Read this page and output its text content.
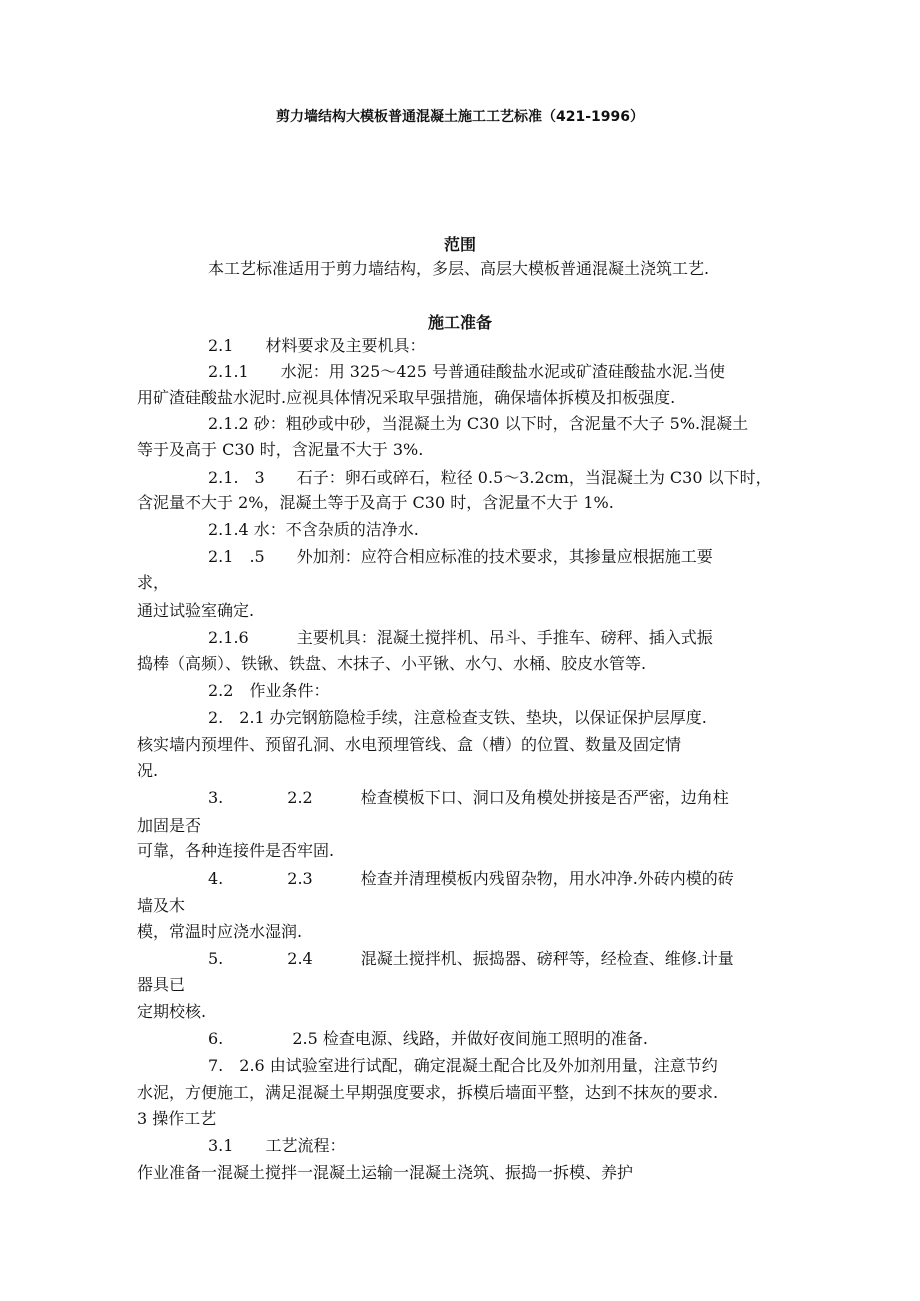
剪力墙结构大模板普通混凝土施工工艺标准（421-1996）
范围
本工艺标准适用于剪力墙结构，多层、高层大模板普通混凝土浇筑工艺.
施工准备
2.1　　材料要求及主要机具：
2.1.1　　水泥：用 325～425 号普通硅酸盐水泥或矿渣硅酸盐水泥.当使
用矿渣硅酸盐水泥时.应视具体情况采取早强措施，确保墙体拆模及扣板强度.
2.1.2 砂：粗砂或中砂，当混凝土为 C30 以下时，含泥量不大子 5%.混凝土
等于及高于 C30 时，含泥量不大于 3%.
2.1.　3　　石子：卵石或碎石，粒径 0.5～3.2cm，当混凝土为 C30 以下时，
含泥量不大于 2%，混凝土等于及高于 C30 时，含泥量不大于 1%.
2.1.4 水：不含杂质的洁净水.
2.1　.5　　外加剂：应符合相应标准的技术要求，其掺量应根据施工要
求，
通过试验室确定.
2.1.6　　　主要机具：混凝土搅拌机、吊斗、手推车、磅秤、插入式振
捣棒（高频）、铁锹、铁盘、木抹子、小平锹、水勺、水桶、胶皮水管等.
2.2　作业条件：
2.　2.1 办完钢筋隐检手续，注意检查支铁、垫块，以保证保护层厚度.
核实墙内预埋件、预留孔洞、水电预埋管线、盒（槽）的位置、数量及固定情
况.
3.　　　　2.2　　　检查模板下口、洞口及角模处拼接是否严密，边角柱
加固是否
可靠，各种连接件是否牢固.
4.　　　　2.3　　　检查并清理模板内残留杂物，用水冲净.外砖内模的砖
墙及木
模，常温时应浇水湿润.
5.　　　　2.4　　　混凝土搅拌机、振捣器、磅秤等，经检查、维修.计量
器具已
定期校核.
6.　　　　 2.5 检查电源、线路，并做好夜间施工照明的准备.
7.　2.6 由试验室进行试配，确定混凝土配合比及外加剂用量，注意节约
水泥，方便施工，满足混凝土早期强度要求，拆模后墙面平整，达到不抹灰的要求.
3 操作工艺
3.1　　工艺流程：
作业准备一混凝土搅拌一混凝土运输一混凝土浇筑、振捣一拆模、养护
